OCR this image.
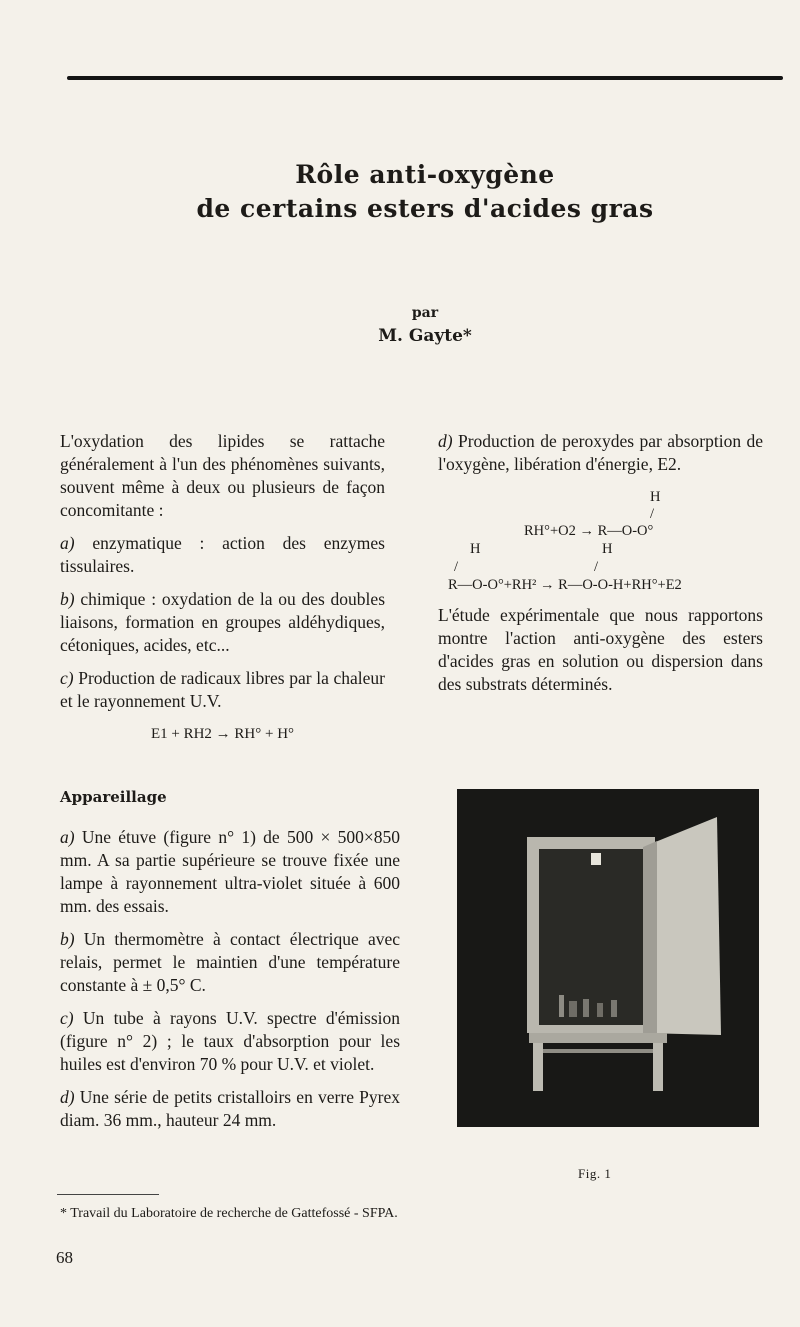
Rôle anti-oxygène
de certains esters d'acides gras
par
M. Gayte*

L'oxydation des lipides se rattache généralement à l'un des phénomènes suivants, souvent même à deux ou plusieurs de façon concomitante :

a) enzymatique : action des enzymes tissulaires.

b) chimique : oxydation de la ou des doubles liaisons, formation en groupes aldéhydiques, cétoniques, acides, etc...

c) Production de radicaux libres par la chaleur et le rayonnement U.V.

E1 + RH2 → RH° + H°

d) Production de peroxydes par absorption de l'oxygène, libération d'énergie, E2.

H
/
RH°+O2 → R—O-O°
H	H
/	/
R—O-O°+RH² → R—O-O-H+RH°+E2

L'étude expérimentale que nous rapportons montre l'action anti-oxygène des esters d'acides gras en solution ou dispersion dans des substrats déterminés.

Appareillage

a) Une étuve (figure n° 1) de 500 × 500×850 mm. A sa partie supérieure se trouve fixée une lampe à rayonnement ultra-violet située à 600 mm. des essais.

b) Un thermomètre à contact électrique avec relais, permet le maintien d'une température constante à ± 0,5° C.

c) Un tube à rayons U.V. spectre d'émission (figure n° 2) ; le taux d'absorption pour les huiles est d'environ 70 % pour U.V. et violet.

d) Une série de petits cristalloirs en verre Pyrex diam. 36 mm., hauteur 24 mm.

Fig. 1
* Travail du Laboratoire de recherche de Gattefossé - SFPA.
68
